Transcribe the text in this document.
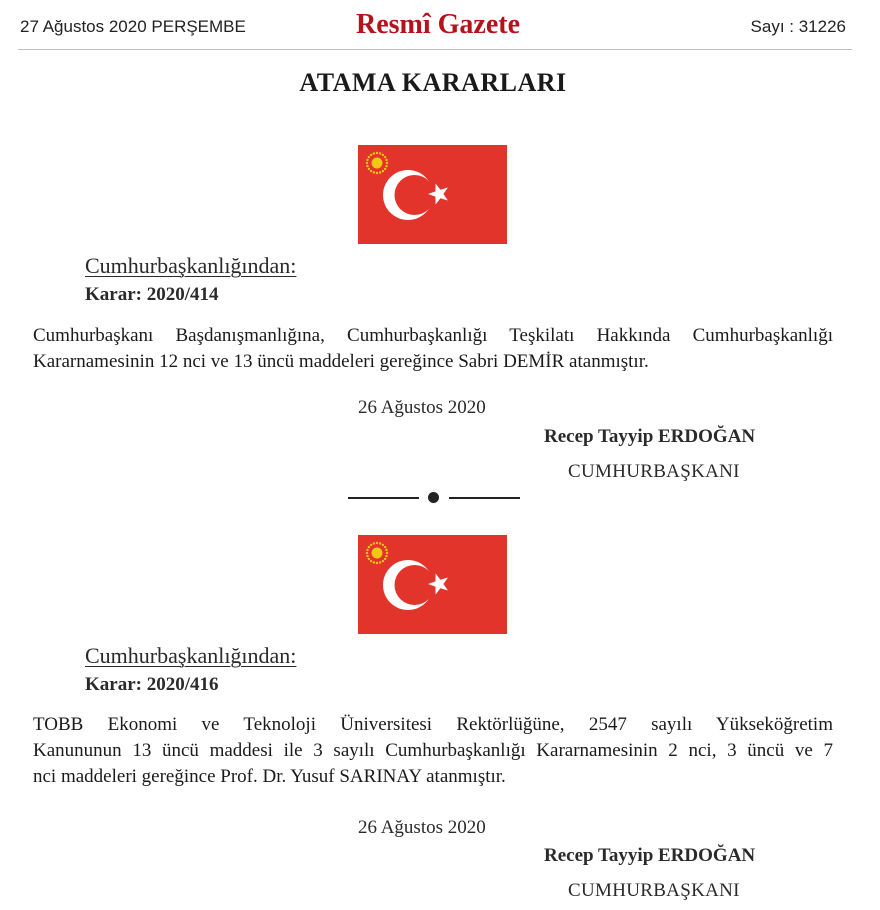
27 Ağustos 2020 PERŞEMBE	Resmî Gazete	Sayı : 31226
ATAMA KARARLARI
Cumhurbaşkanlığından:
Karar: 2020/414
Cumhurbaşkanı Başdanışmanlığına, Cumhurbaşkanlığı Teşkilatı Hakkında Cumhurbaşkanlığı
Kararnamesinin 12 nci ve 13 üncü maddeleri gereğince Sabri DEMİR atanmıştır.
26 Ağustos 2020
Recep Tayyip ERDOĞAN
CUMHURBAŞKANI
Cumhurbaşkanlığından:
Karar: 2020/416
TOBB Ekonomi ve Teknoloji Üniversitesi Rektörlüğüne, 2547 sayılı Yükseköğretim
Kanununun 13 üncü maddesi ile 3 sayılı Cumhurbaşkanlığı Kararnamesinin 2 nci, 3 üncü ve 7
nci maddeleri gereğince Prof. Dr. Yusuf SARINAY atanmıştır.
26 Ağustos 2020
Recep Tayyip ERDOĞAN
CUMHURBAŞKANI
